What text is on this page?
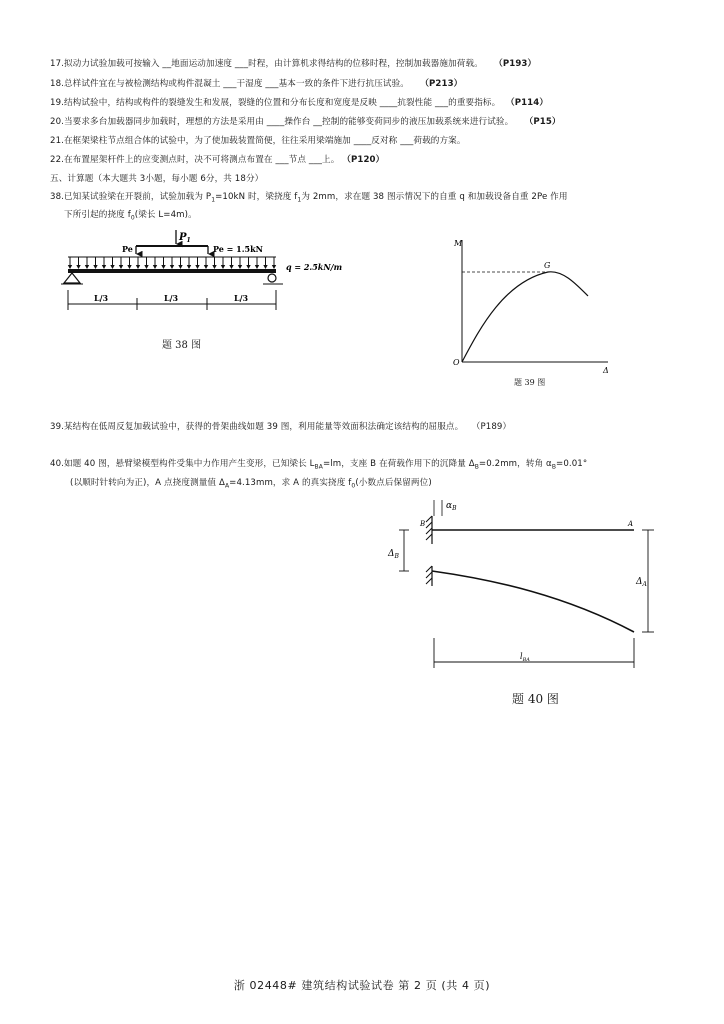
17.拟动力试验加载可按输入 __地面运动加速度 ___时程，由计算机求得结构的位移时程，控制加载器施加荷载。 （P193）
18.总样试件宜在与被检测结构或构件混凝土 ___干湿度 ___基本一致的条件下进行抗压试验。 （P213）
19.结构试验中，结构或构件的裂缝发生和发展，裂缝的位置和分布长度和宽度是反映 ____抗裂性能 ___的重要指标。 （P114）
20.当要求多台加载器同步加载时，理想的方法是采用由 ____操作台 __控制的能够变荷同步的液压加载系统来进行试验。 （P15）
21.在框架梁柱节点组合体的试验中，为了使加载装置简便，往往采用梁端施加 ____反对称 ___荷载的方案。
22.在布置屋架杆件上的应变测点时，决不可将测点布置在 ___节点 ___上。 （P120）
五、计算题（本大题共 3小题，每小题 6分，共 18分）
38.已知某试验梁在开裂前，试验加载为 $P_1=10kN$ 时，梁挠度 $f_1$为 2mm，求在题 38 图示情况下的自重 q 和加载设备自重 2Pe 作用
下所引起的挠度 $f_0$(梁长 L=4m)。
$P_1$
Pe	Pe = 1.5kN
q = 2.5kN/m
L/3	L/3	L/3
题 38 图
M
Δ
O
G
题 39 图
39.某结构在低周反复加载试验中，获得的骨架曲线如题 39 图，利用能量等效面积法确定该结构的屈服点。 （P189）
40.如题 40 图，悬臂梁模型构件受集中力作用产生变形，已知梁长 $L_{BA}=lm$，支座 B 在荷载作用下的沉降量 $\Delta_B=0.2mm$，转角 $\alpha_B=0.01^\circ$
(以顺时针转向为正)，A 点挠度测量值 $\Delta_A=4.13mm$，求 A 的真实挠度 $f_0$(小数点后保留两位)
B	A
$\alpha_B$
$\Delta_B$
$\Delta_A$
$l_{BA}$
题 40 图
浙 02448# 建筑结构试验试卷 第 2 页 (共 4 页)
